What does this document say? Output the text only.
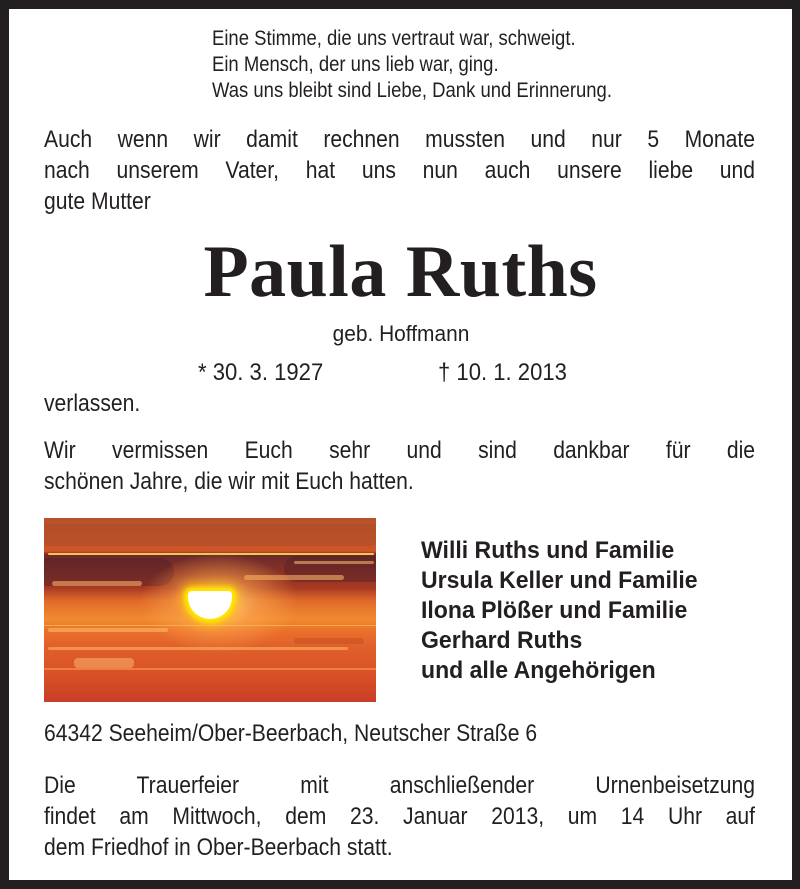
Eine Stimme, die uns vertraut war, schweigt.
Ein Mensch, der uns lieb war, ging.
Was uns bleibt sind Liebe, Dank und Erinnerung.
Auch wenn wir damit rechnen mussten und nur 5 Monate
nach unserem Vater, hat uns nun auch unsere liebe und
gute Mutter
Paula Ruths
geb. Hoffmann
* 30. 3. 1927	† 10. 1. 2013
verlassen.
Wir vermissen Euch sehr und sind dankbar für die
schönen Jahre, die wir mit Euch hatten.
Willi Ruths und Familie
Ursula Keller und Familie
Ilona Plößer und Familie
Gerhard Ruths
und alle Angehörigen
64342 Seeheim/Ober-Beerbach, Neutscher Straße 6
Die Trauerfeier mit anschließender Urnenbeisetzung
findet am Mittwoch, dem 23. Januar 2013, um 14 Uhr auf
dem Friedhof in Ober-Beerbach statt.
